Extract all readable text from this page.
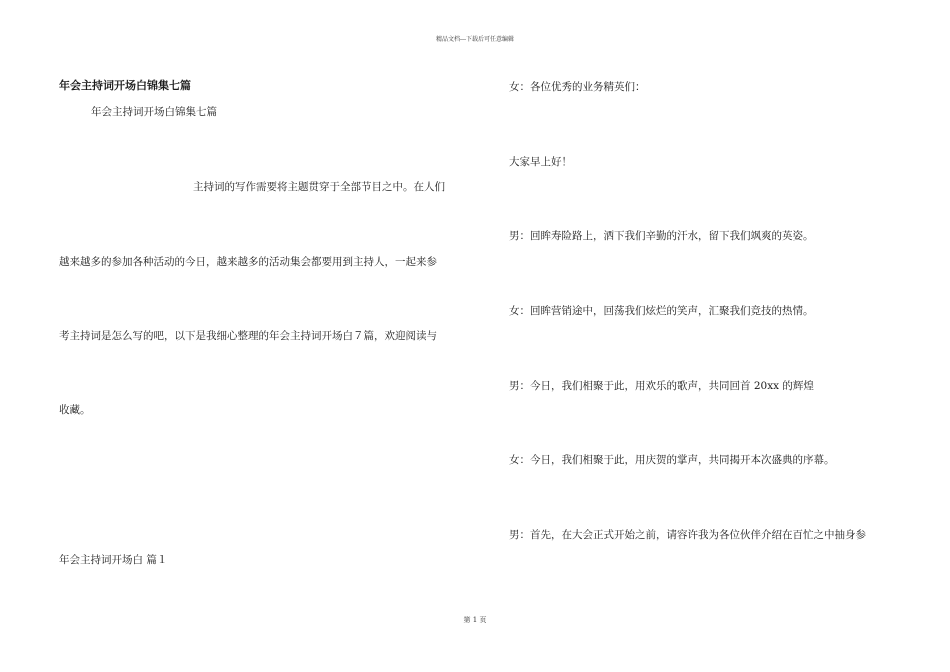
精品文档---下载后可任意编辑
年会主持词开场白锦集七篇
年会主持词开场白锦集七篇
主持词的写作需要将主题贯穿于全部节目之中。在人们
越来越多的参加各种活动的今日，越来越多的活动集会都要用到主持人，一起来参
考主持词是怎么写的吧，以下是我细心整理的年会主持词开场白７篇，欢迎阅读与
收藏。
年会主持词开场白 篇１
女：各位优秀的业务精英们：
大家早上好！
男：回眸寿险路上，洒下我们辛勤的汗水，留下我们飒爽的英姿。
女：回眸营销途中，回荡我们炫烂的笑声，汇聚我们竞技的热情。
男：今日，我们相聚于此，用欢乐的歌声，共同回首 20xx 的辉煌
女：今日，我们相聚于此，用庆贺的掌声，共同揭开本次盛典的序幕。
男：首先，在大会正式开始之前，请容许我为各位伙伴介绍在百忙之中抽身参
第 1 页
